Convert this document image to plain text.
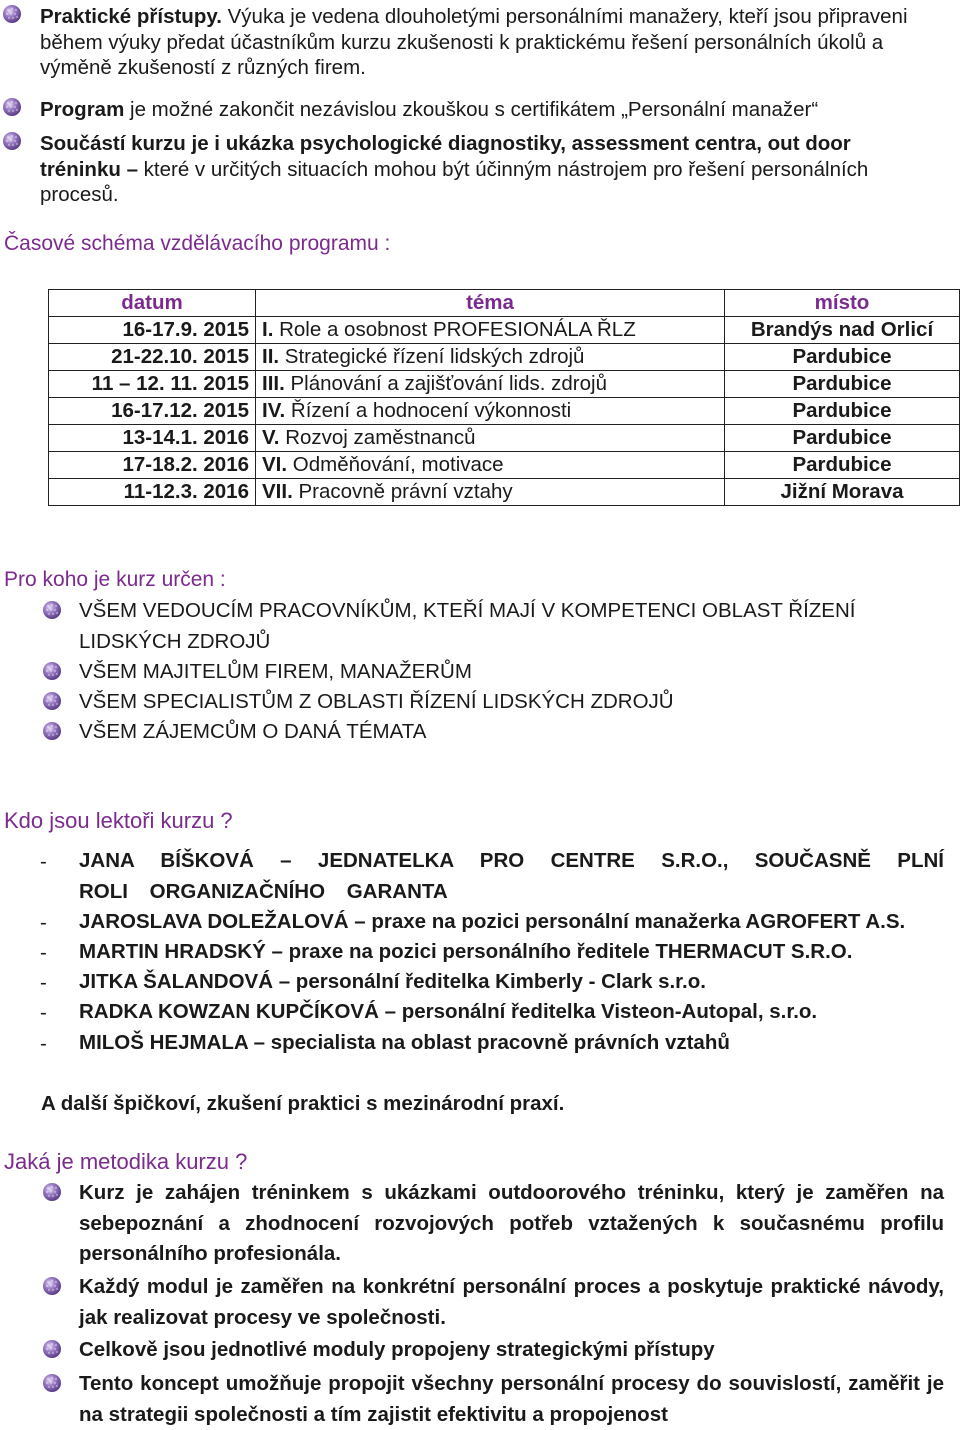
Praktické přístupy. Výuka je vedena dlouholetými personálními manažery, kteří jsou připraveni během výuky předat účastníkům kurzu zkušenosti k praktickému řešení personálních úkolů a výměně zkušeností z různých firem.
Program je možné zakončit nezávislou zkouškou s certifikátem „Personální manažer“
Součástí kurzu je i ukázka psychologické diagnostiky, assessment centra, out door tréninku – které v určitých situacích mohou být účinným nástrojem pro řešení personálních procesů.
Časové schéma vzdělávacího programu :
datum	téma	místo
16-17.9. 2015	I. Role a osobnost PROFESIONÁLA ŘLZ	Brandýs nad Orlicí
21-22.10. 2015	II. Strategické řízení lidských zdrojů	Pardubice
11 – 12. 11. 2015	III. Plánování a zajišťování lids. zdrojů	Pardubice
16-17.12. 2015	IV. Řízení a hodnocení výkonnosti	Pardubice
13-14.1. 2016	V. Rozvoj zaměstnanců	Pardubice
17-18.2. 2016	VI. Odměňování, motivace	Pardubice
11-12.3. 2016	VII. Pracovně právní vztahy	Jižní Morava
Pro koho je kurz určen :
VŠEM VEDOUCÍM PRACOVNÍKŮM, KTEŘÍ MAJÍ V KOMPETENCI OBLAST ŘÍZENÍ LIDSKÝCH ZDROJŮ
VŠEM MAJITELŮM FIREM, MANAŽERŮM
VŠEM SPECIALISTŮM Z OBLASTI ŘÍZENÍ LIDSKÝCH ZDROJŮ
VŠEM ZÁJEMCŮM O DANÁ TÉMATA
Kdo jsou lektoři kurzu ?
- JANA BÍŠKOVÁ – JEDNATELKA PRO CENTRE S.R.O., SOUČASNĚ PLNÍ ROLI ORGANIZAČNÍHO GARANTA
- JAROSLAVA DOLEŽALOVÁ – praxe na pozici personální manažerka AGROFERT A.S.
- MARTIN HRADSKÝ – praxe na pozici personálního ředitele THERMACUT S.R.O.
- JITKA ŠALANDOVÁ – personální ředitelka Kimberly - Clark s.r.o.
- RADKA KOWZAN KUPČÍKOVÁ – personální ředitelka Visteon-Autopal, s.r.o.
- MILOŠ HEJMALA – specialista na oblast pracovně právních vztahů
A další špičkoví, zkušení praktici s mezinárodní praxí.
Jaká je metodika kurzu ?
Kurz je zahájen tréninkem s ukázkami outdoorového tréninku, který je zaměřen na sebepoznání a zhodnocení rozvojových potřeb vztažených k současnému profilu personálního profesionála.
Každý modul je zaměřen na konkrétní personální proces a poskytuje praktické návody, jak realizovat procesy ve společnosti.
Celkově jsou jednotlivé moduly propojeny strategickými přístupy
Tento koncept umožňuje propojit všechny personální procesy do souvislostí, zaměřit je na strategii společnosti a tím zajistit efektivitu a propojenost
